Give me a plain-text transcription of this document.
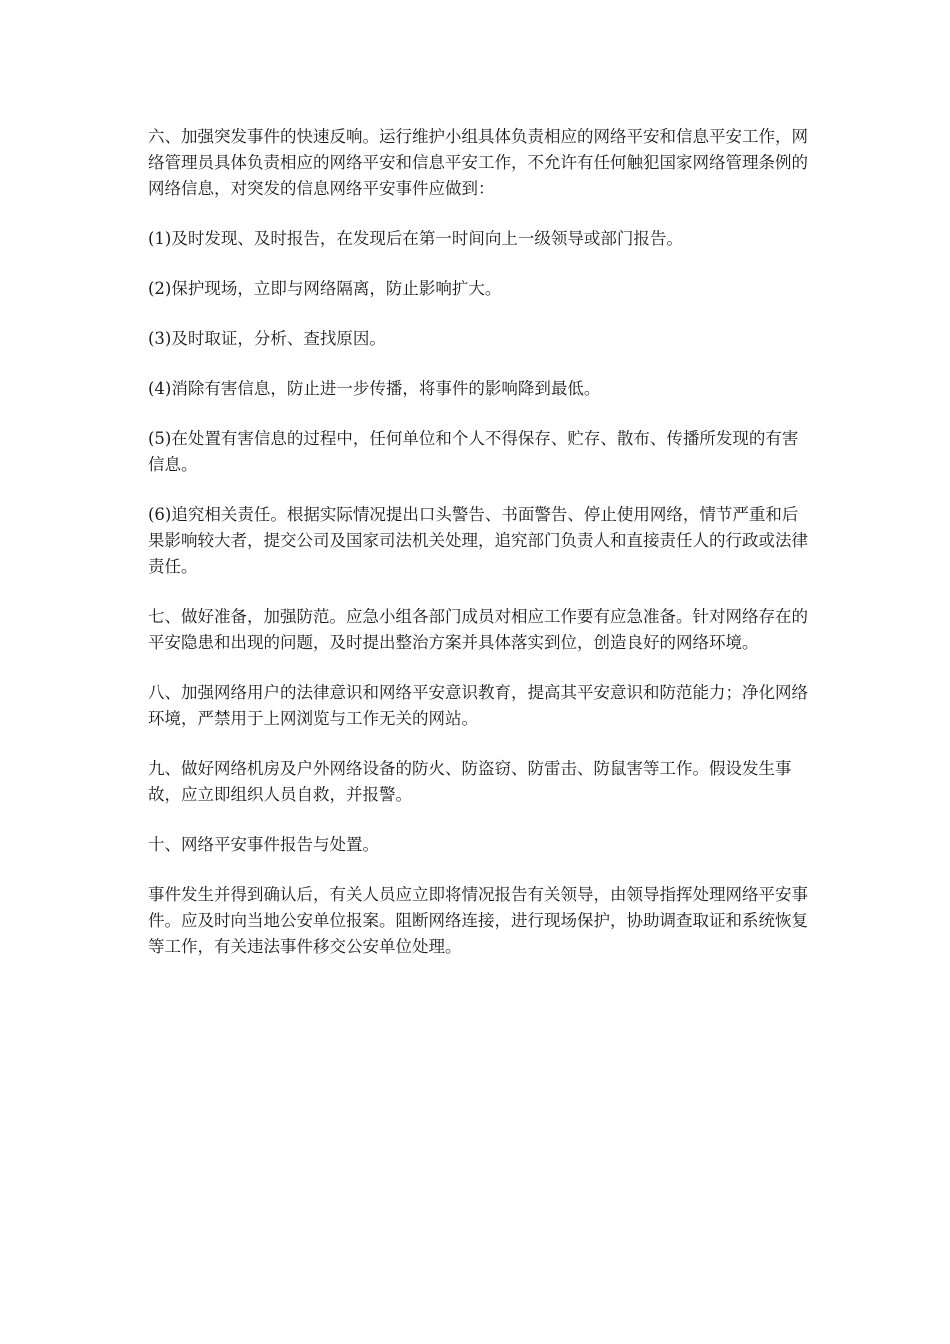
六、加强突发事件的快速反响。运行维护小组具体负责相应的网络平安和信息平安工作，网络管理员具体负责相应的网络平安和信息平安工作，不允许有任何触犯国家网络管理条例的网络信息，对突发的信息网络平安事件应做到：

(1)及时发现、及时报告，在发现后在第一时间向上一级领导或部门报告。

(2)保护现场，立即与网络隔离，防止影响扩大。

(3)及时取证，分析、查找原因。

(4)消除有害信息，防止进一步传播，将事件的影响降到最低。

(5)在处置有害信息的过程中，任何单位和个人不得保存、贮存、散布、传播所发现的有害信息。

(6)追究相关责任。根据实际情况提出口头警告、书面警告、停止使用网络，情节严重和后果影响较大者，提交公司及国家司法机关处理，追究部门负责人和直接责任人的行政或法律责任。

七、做好准备，加强防范。应急小组各部门成员对相应工作要有应急准备。针对网络存在的平安隐患和出现的问题，及时提出整治方案并具体落实到位，创造良好的网络环境。

八、加强网络用户的法律意识和网络平安意识教育，提高其平安意识和防范能力；净化网络环境，严禁用于上网浏览与工作无关的网站。

九、做好网络机房及户外网络设备的防火、防盗窃、防雷击、防鼠害等工作。假设发生事故，应立即组织人员自救，并报警。

十、网络平安事件报告与处置。

事件发生并得到确认后，有关人员应立即将情况报告有关领导，由领导指挥处理网络平安事件。应及时向当地公安单位报案。阻断网络连接，进行现场保护，协助调查取证和系统恢复等工作，有关违法事件移交公安单位处理。
